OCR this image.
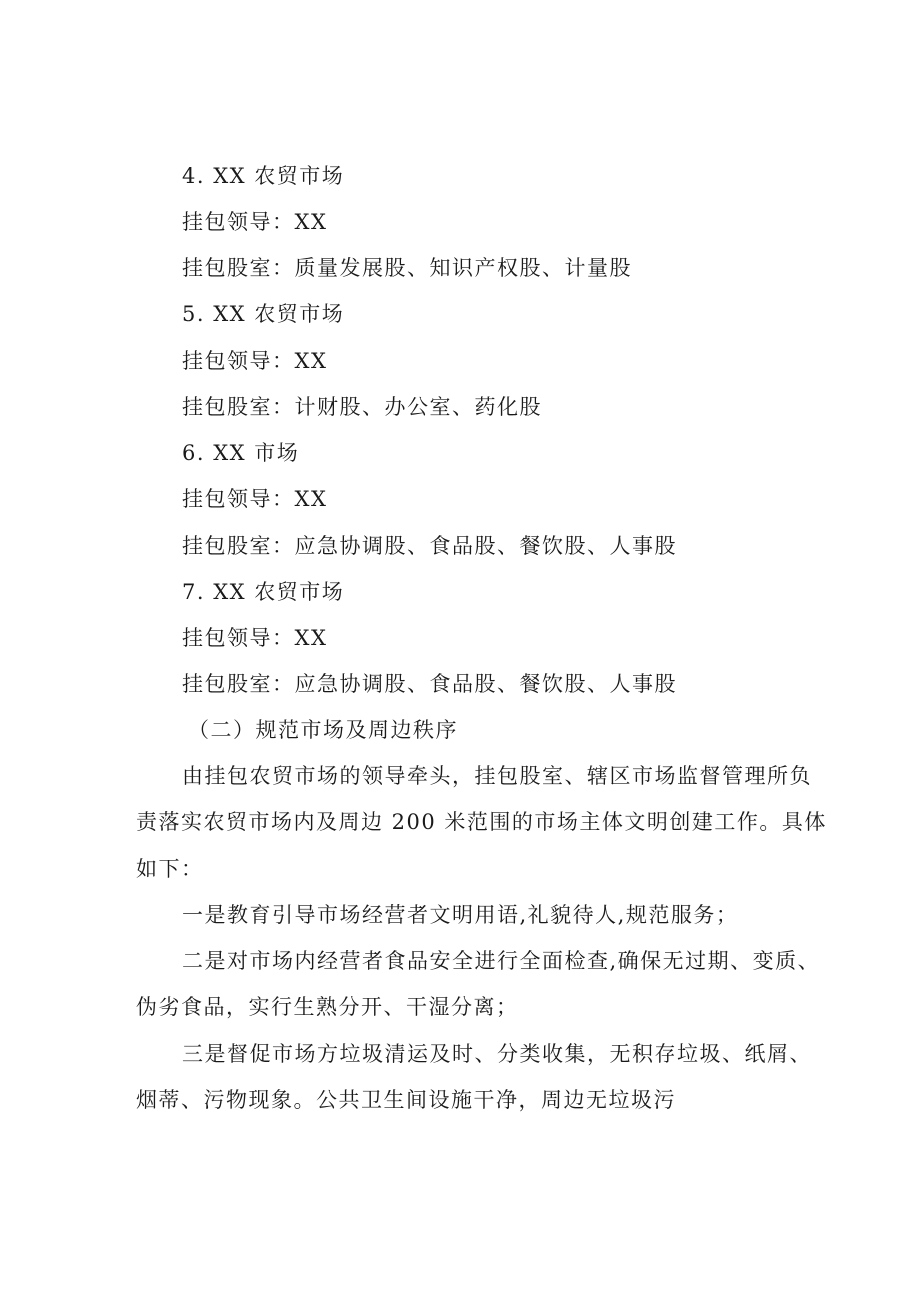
4. XX 农贸市场
挂包领导：XX
挂包股室：质量发展股、知识产权股、计量股
5. XX 农贸市场
挂包领导：XX
挂包股室：计财股、办公室、药化股
6. XX 市场
挂包领导：XX
挂包股室：应急协调股、食品股、餐饮股、人事股
7. XX 农贸市场
挂包领导：XX
挂包股室：应急协调股、食品股、餐饮股、人事股
（二）规范市场及周边秩序
由挂包农贸市场的领导牵头，挂包股室、辖区市场监督管理所负
责落实农贸市场内及周边 200 米范围的市场主体文明创建工作。具体
如下：
一是教育引导市场经营者文明用语,礼貌待人,规范服务；
二是对市场内经营者食品安全进行全面检查,确保无过期、变质、
伪劣食品，实行生熟分开、干湿分离；
三是督促市场方垃圾清运及时、分类收集，无积存垃圾、纸屑、
烟蒂、污物现象。公共卫生间设施干净，周边无垃圾污
